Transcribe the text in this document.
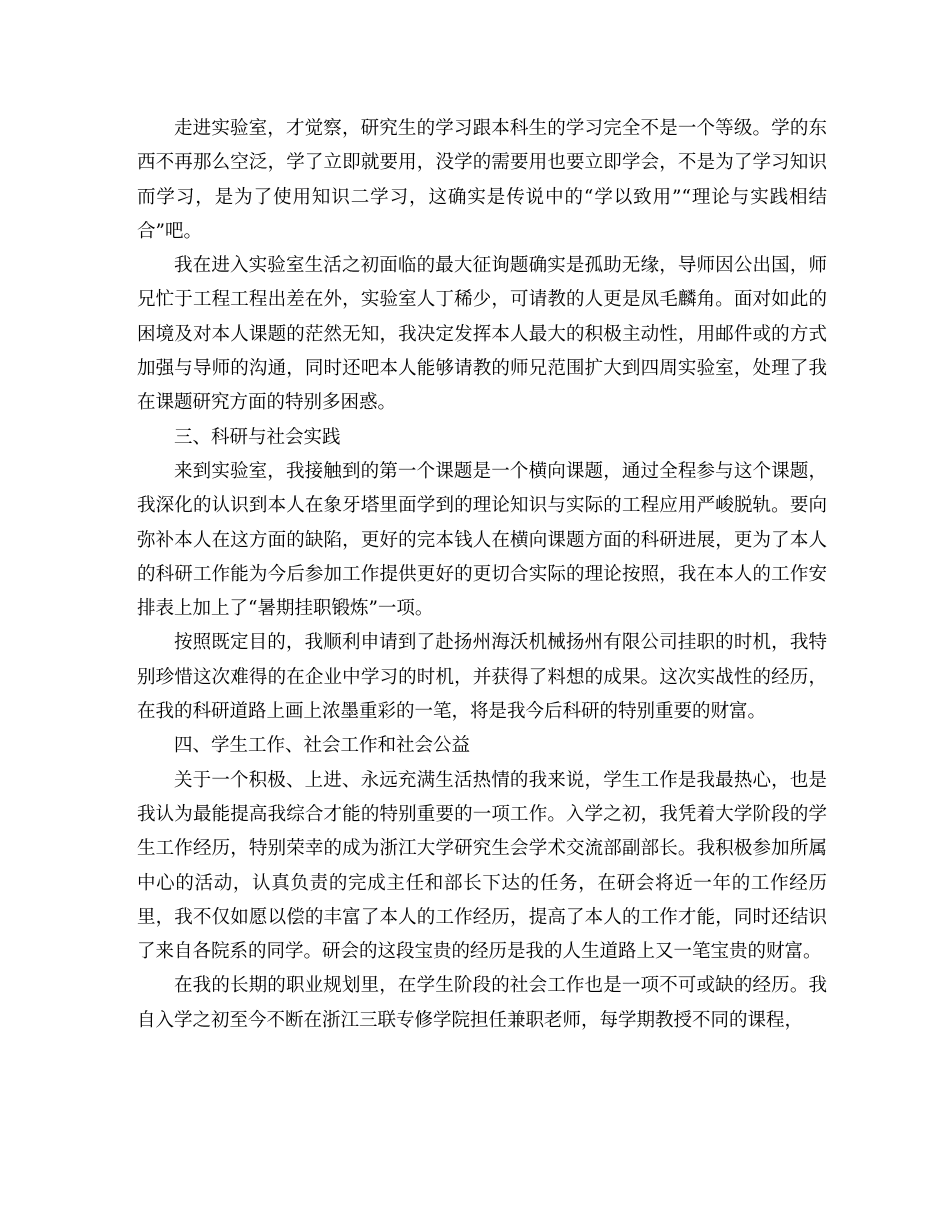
走进实验室，才觉察，研究生的学习跟本科生的学习完全不是一个等级。学的东西不再那么空泛，学了立即就要用，没学的需要用也要立即学会，不是为了学习知识而学习，是为了使用知识二学习，这确实是传说中的“学以致用”“理论与实践相结合”吧。

我在进入实验室生活之初面临的最大征询题确实是孤助无缘，导师因公出国，师兄忙于工程工程出差在外，实验室人丁稀少，可请教的人更是凤毛麟角。面对如此的困境及对本人课题的茫然无知，我决定发挥本人最大的积极主动性，用邮件或的方式加强与导师的沟通，同时还吧本人能够请教的师兄范围扩大到四周实验室，处理了我在课题研究方面的特别多困惑。

三、科研与社会实践

来到实验室，我接触到的第一个课题是一个横向课题，通过全程参与这个课题，我深化的认识到本人在象牙塔里面学到的理论知识与实际的工程应用严峻脱轨。要向弥补本人在这方面的缺陷，更好的完本钱人在横向课题方面的科研进展，更为了本人的科研工作能为今后参加工作提供更好的更切合实际的理论按照，我在本人的工作安排表上加上了“暑期挂职锻炼”一项。

按照既定目的，我顺利申请到了赴扬州海沃机械扬州有限公司挂职的时机，我特别珍惜这次难得的在企业中学习的时机，并获得了料想的成果。这次实战性的经历，在我的科研道路上画上浓墨重彩的一笔，将是我今后科研的特别重要的财富。

四、学生工作、社会工作和社会公益

关于一个积极、上进、永远充满生活热情的我来说，学生工作是我最热心，也是我认为最能提高我综合才能的特别重要的一项工作。入学之初，我凭着大学阶段的学生工作经历，特别荣幸的成为浙江大学研究生会学术交流部副部长。我积极参加所属中心的活动，认真负责的完成主任和部长下达的任务，在研会将近一年的工作经历里，我不仅如愿以偿的丰富了本人的工作经历，提高了本人的工作才能，同时还结识了来自各院系的同学。研会的这段宝贵的经历是我的人生道路上又一笔宝贵的财富。

在我的长期的职业规划里，在学生阶段的社会工作也是一项不可或缺的经历。我自入学之初至今不断在浙江三联专修学院担任兼职老师，每学期教授不同的课程，
